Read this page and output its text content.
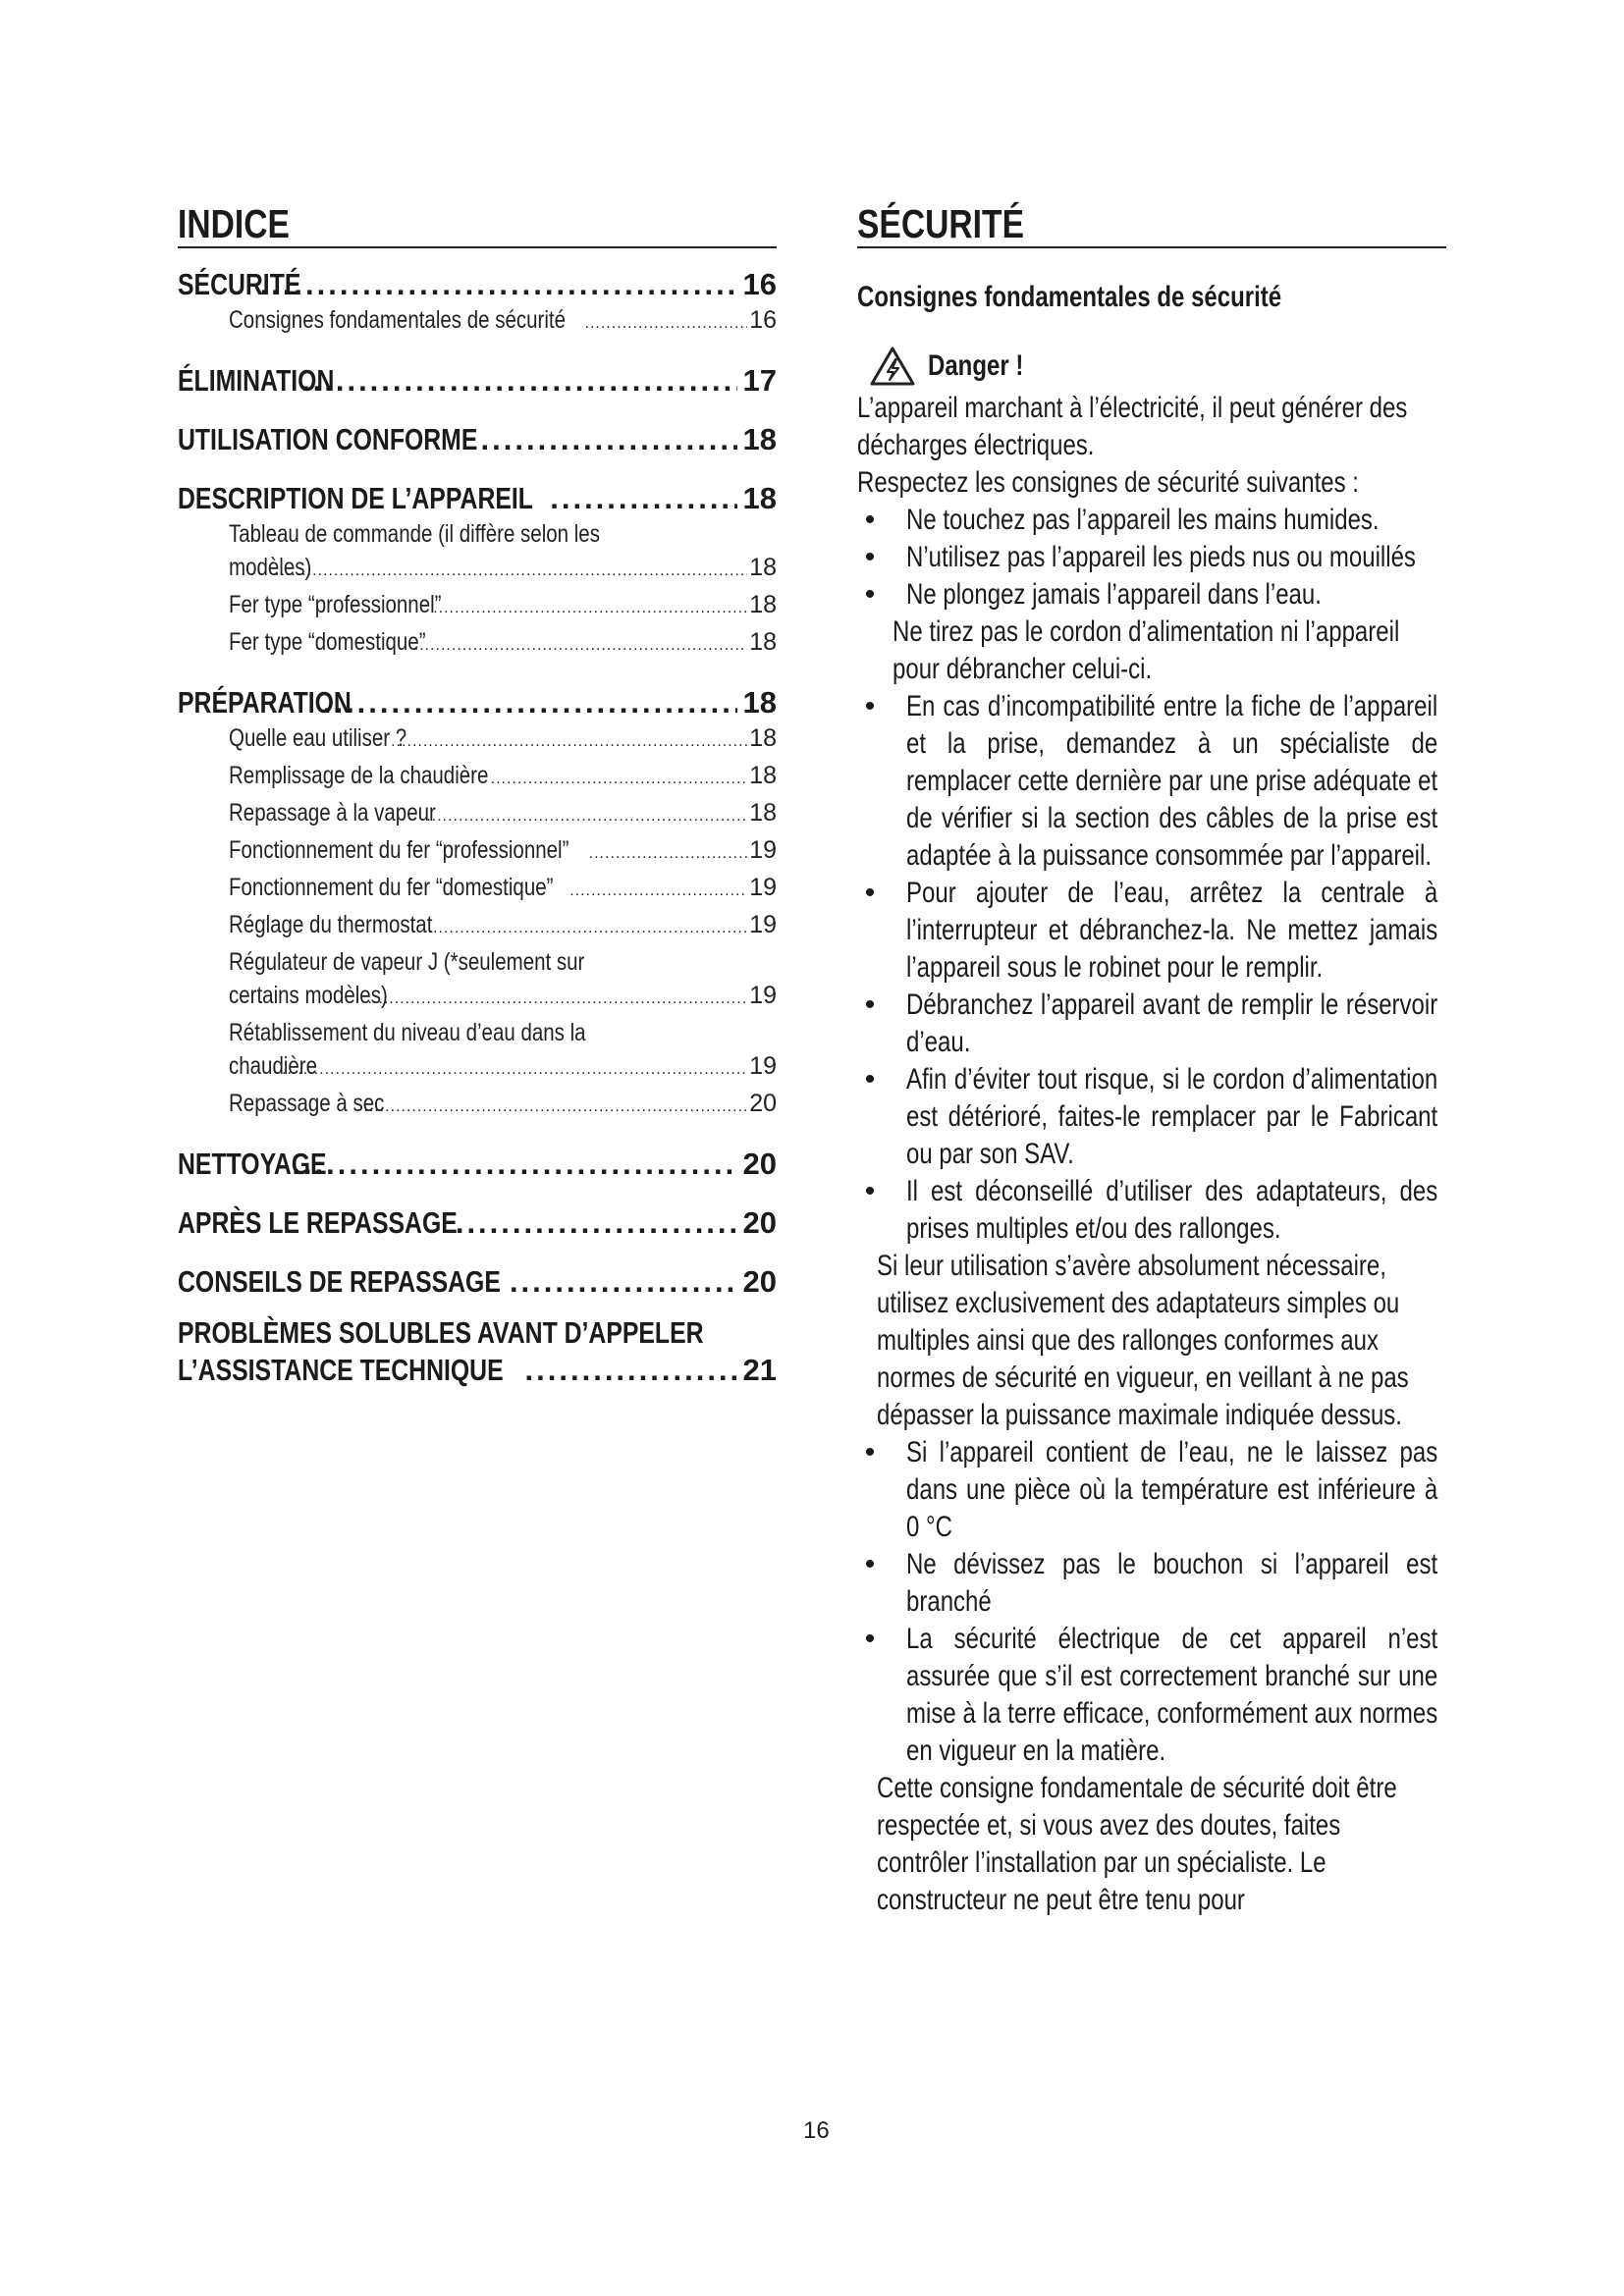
INDICE
SÉCURITÉ .....	16
Consignes fondamentales de sécurité .....	16
ÉLIMINATION .....	17
UTILISATION CONFORME .....	18
DESCRIPTION DE L’APPAREIL .....	18
Tableau de commande (il diffère selon les
modèles) .....	18
Fer type “professionnel” .....	18
Fer type “domestique” .....	18
PRÉPARATION .....	18
Quelle eau utiliser ? .....	18
Remplissage de la chaudière .....	18
Repassage à la vapeur .....	18
Fonctionnement du fer “professionnel” .....	19
Fonctionnement du fer “domestique” .....	19
Réglage du thermostat .....	19
Régulateur de vapeur J (*seulement sur
certains modèles) .....	19
Rétablissement du niveau d’eau dans la
chaudière .....	19
Repassage à sec .....	20
NETTOYAGE .....	20
APRÈS LE REPASSAGE .....	20
CONSEILS DE REPASSAGE .....	20
PROBLÈMES SOLUBLES AVANT D’APPELER
L’ASSISTANCE TECHNIQUE .....	21
SÉCURITÉ
Consignes fondamentales de sécurité
Danger !
L’appareil marchant à l’électricité, il peut générer des décharges électriques.
Respectez les consignes de sécurité suivantes :
• Ne touchez pas l’appareil les mains humides.
• N’utilisez pas l’appareil les pieds nus ou mouillés
• Ne plongez jamais l’appareil dans l’eau.
Ne tirez pas le cordon d’alimentation ni l’appareil pour débrancher celui-ci.
• En cas d’incompatibilité entre la fiche de l’appareil et la prise, demandez à un spécialiste de remplacer cette dernière par une prise adéquate et de vérifier si la section des câbles de la prise est adaptée à la puissance consommée par l’appareil.
• Pour ajouter de l’eau, arrêtez la centrale à l’interrupteur et débranchez-la. Ne mettez jamais l’appareil sous le robinet pour le remplir.
• Débranchez l’appareil avant de remplir le réservoir d’eau.
• Afin d’éviter tout risque, si le cordon d’alimentation est détérioré, faites-le remplacer par le Fabricant ou par son SAV.
• Il est déconseillé d’utiliser des adaptateurs, des prises multiples et/ou des rallonges.
Si leur utilisation s’avère absolument nécessaire, utilisez exclusivement des adaptateurs simples ou multiples ainsi que des rallonges conformes aux normes de sécurité en vigueur, en veillant à ne pas dépasser la puissance maximale indiquée dessus.
• Si l’appareil contient de l’eau, ne le laissez pas dans une pièce où la température est inférieure à 0 °C
• Ne dévissez pas le bouchon si l’appareil est branché
• La sécurité électrique de cet appareil n’est assurée que s’il est correctement branché sur une mise à la terre efficace, conformément aux normes en vigueur en la matière.
Cette consigne fondamentale de sécurité doit être respectée et, si vous avez des doutes, faites contrôler l’installation par un spécialiste. Le constructeur ne peut être tenu pour
16
